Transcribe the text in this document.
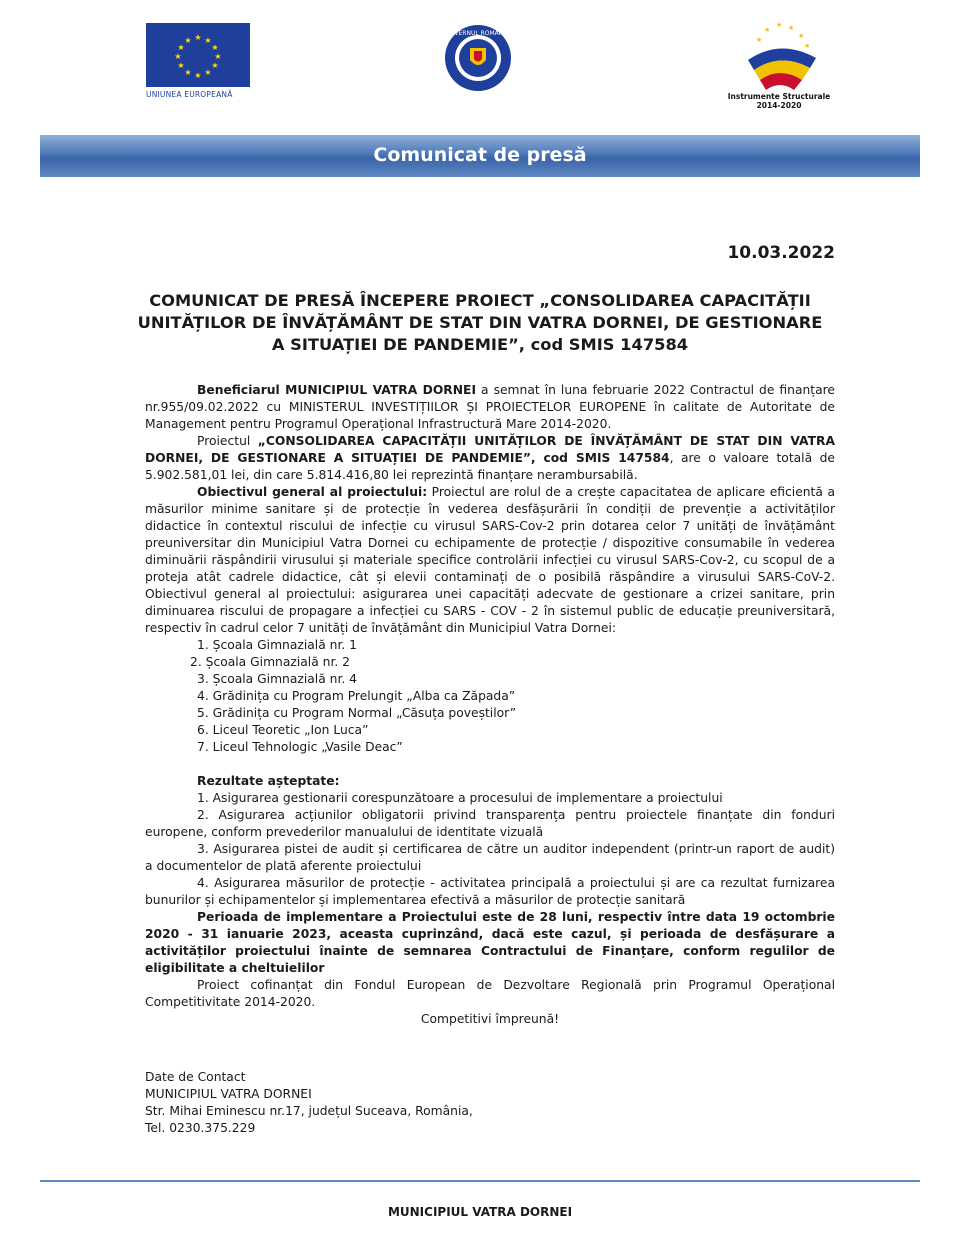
★ ★
★
★
★
★
★
★
★
★
★
★
UNIUNEA EUROPEANĂ
GUVERNUL ROMÂNIEI	★
★ ★
★
★
★
Instrumente Structurale
2014-2020
Comunicat de presă
10.03.2022
COMUNICAT DE PRESĂ ÎNCEPERE PROIECT „CONSOLIDAREA CAPACITĂȚII
UNITĂȚILOR DE ÎNVĂȚĂMÂNT DE STAT DIN VATRA DORNEI, DE GESTIONARE
A SITUAȚIEI DE PANDEMIE”, cod SMIS 147584

Beneficiarul MUNICIPIUL VATRA DORNEI a semnat în luna februarie 2022 Contractul de finanțare nr.955/09.02.2022 cu MINISTERUL INVESTIȚIILOR ȘI PROIECTELOR EUROPENE în calitate de Autoritate de Management pentru Programul Operațional Infrastructură Mare 2014-2020.

Proiectul „CONSOLIDAREA CAPACITĂȚII UNITĂȚILOR DE ÎNVĂȚĂMÂNT DE STAT DIN VATRA DORNEI, DE GESTIONARE A SITUAȚIEI DE PANDEMIE”, cod SMIS 147584, are o valoare totală de 5.902.581,01 lei, din care 5.814.416,80 lei reprezintă finanțare nerambursabilă.

Obiectivul general al proiectului: Proiectul are rolul de a crește capacitatea de aplicare eficientă a măsurilor minime sanitare și de protecție în vederea desfășurării în condiții de prevenție a activităților didactice în contextul riscului de infecție cu virusul SARS-Cov-2 prin dotarea celor 7 unități de învățământ preuniversitar din Municipiul Vatra Dornei cu echipamente de protecție / dispozitive consumabile în vederea diminuării răspândirii virusului și materiale specifice controlării infecției cu virusul SARS-Cov-2, cu scopul de a proteja atât cadrele didactice, cât și elevii contaminați de o posibilă răspândire a virusului SARS-CoV-2. Obiectivul general al proiectului: asigurarea unei capacități adecvate de gestionare a crizei sanitare, prin diminuarea riscului de propagare a infecției cu SARS - COV - 2 în sistemul public de educație preuniversitară, respectiv în cadrul celor 7 unități de învățământ din Municipiul Vatra Dornei:

1. Școala Gimnazială nr. 1
2. Școala Gimnazială nr. 2
3. Școala Gimnazială nr. 4
4. Grădinița cu Program Prelungit „Alba ca Zăpada”
5. Grădinița cu Program Normal „Căsuța poveștilor”
6. Liceul Teoretic „Ion Luca”
7. Liceul Tehnologic „Vasile Deac”

Rezultate așteptate:

1. Asigurarea gestionarii corespunzătoare a procesului de implementare a proiectului

2. Asigurarea acțiunilor obligatorii privind transparența pentru proiectele finanțate din fonduri europene, conform prevederilor manualului de identitate vizuală

3. Asigurarea pistei de audit și certificarea de către un auditor independent (printr-un raport de audit) a documentelor de plată aferente proiectului

4. Asigurarea măsurilor de protecție - activitatea principală a proiectului și are ca rezultat furnizarea bunurilor și echipamentelor și implementarea efectivă a măsurilor de protecție sanitară

Perioada de implementare a Proiectului este de 28 luni, respectiv între data 19 octombrie 2020 - 31 ianuarie 2023, aceasta cuprinzând, dacă este cazul, și perioada de desfășurare a activităților proiectului înainte de semnarea Contractului de Finanțare, conform regulilor de eligibilitate a cheltuielilor

Proiect cofinanțat din Fondul European de Dezvoltare Regională prin Programul Operațional Competitivitate 2014-2020.

Competitivi împreună!

Date de Contact
MUNICIPIUL VATRA DORNEI
Str. Mihai Eminescu nr.17, județul Suceava, România,
Tel. 0230.375.229
MUNICIPIUL VATRA DORNEI
